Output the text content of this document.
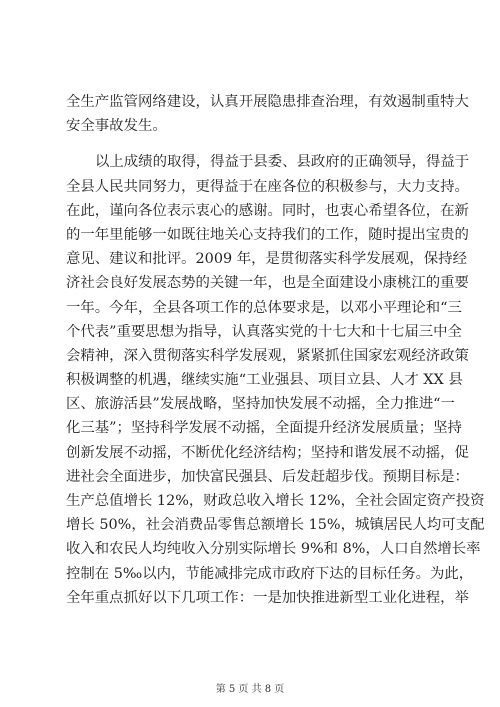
全生产监管网络建设，认真开展隐患排查治理，有效遏制重特大
安全事故发生。
以上成绩的取得，得益于县委、县政府的正确领导，得益于
全县人民共同努力，更得益于在座各位的积极参与，大力支持。
在此，谨向各位表示衷心的感谢。同时，也衷心希望各位，在新
的一年里能够一如既往地关心支持我们的工作，随时提出宝贵的
意见、建议和批评。2009 年，是贯彻落实科学发展观，保持经
济社会良好发展态势的关键一年，也是全面建设小康桃江的重要
一年。今年，全县各项工作的总体要求是，以邓小平理论和“三
个代表”重要思想为指导，认真落实党的十七大和十七届三中全
会精神，深入贯彻落实科学发展观，紧紧抓住国家宏观经济政策
积极调整的机遇，继续实施“工业强县、项目立县、人才 XX 县
区、旅游活县”发展战略，坚持加快发展不动摇，全力推进“一
化三基”；坚持科学发展不动摇，全面提升经济发展质量；坚持
创新发展不动摇，不断优化经济结构；坚持和谐发展不动摇，促
进社会全面进步，加快富民强县、后发赶超步伐。预期目标是：
生产总值增长 12%，财政总收入增长 12%，全社会固定资产投资
增长 50%，社会消费品零售总额增长 15%，城镇居民人均可支配
收入和农民人均纯收入分别实际增长 9%和 8%，人口自然增长率
控制在 5‰以内，节能减排完成市政府下达的目标任务。为此，
全年重点抓好以下几项工作：一是加快推进新型工业化进程，举
第 5 页 共 8 页
